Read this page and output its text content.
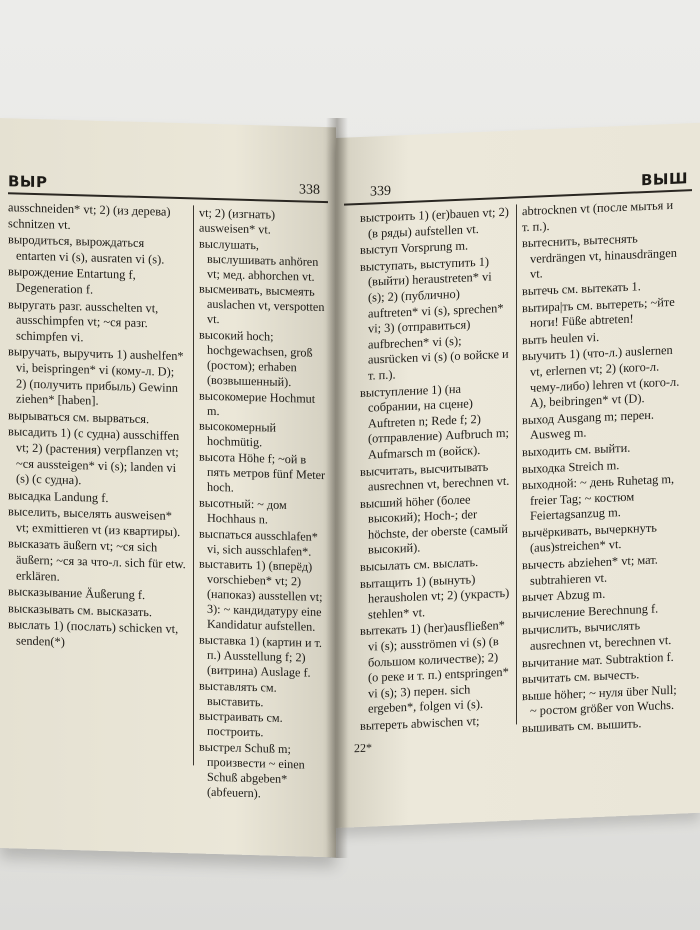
ВЫР	338

ausschneiden* vt; 2) (из дерева) schnitzen vt.

выродиться, вырождаться entarten vi (s), ausraten vi (s).

вырождение Entartung f, Degeneration f.

выругать разг. ausschelten vt, ausschimpfen vt; ~ся разг. schimpfen vi.

выручать, выручить 1) aushelfen* vi, beispringen* vi (кому-л. D); 2) (получить прибыль) Gewinn ziehen* [haben].

вырываться см. вырваться.

высадить 1) (с судна) ausschiffen vt; 2) (растения) verpflanzen vt; ~ся aussteigen* vi (s); landen vi (s) (с судна).

высадка Landung f.

выселить, выселять ausweisen* vt; exmittieren vt (из квартиры).

высказать äußern vt; ~ся sich äußern; ~ся за что-л. sich für etw. erklären.

высказывание Äußerung f.

высказывать см. высказать.

выслать 1) (послать) schicken vt, senden(*)

vt; 2) (изгнать) ausweisen* vt.

выслушать, выслушивать anhören vt; мед. abhorchen vt.

высмеивать, высмеять auslachen vt, verspotten vt.

высокий hoch; hochgewachsen, groß (ростом); erhaben (возвышенный).

высокомерие Hochmut m.

высокомерный hochmütig.

высота Höhe f; ~ой в пять метров fünf Meter hoch.

высотный: ~ дом Hochhaus n.

выспаться ausschlafen* vi, sich ausschlafen*.

выставить 1) (вперёд) vorschieben* vt; 2) (напоказ) ausstellen vt; 3): ~ кандидатуру eine Kandidatur aufstellen.

выставка 1) (картин и т. п.) Ausstellung f; 2) (витрина) Auslage f.

выставлять см. выставить.

выстраивать см. построить.

выстрел Schuß m; произвести ~ einen Schuß abgeben* (abfeuern).

339
ВЫШ

выстроить 1) (er)bauen vt; 2) (в ряды) aufstellen vt.

выступ Vorsprung m.

выступать, выступить 1) (выйти) heraustreten* vi (s); 2) (публично) auftreten* vi (s), sprechen* vi; 3) (отправиться) aufbrechen* vi (s); ausrücken vi (s) (о войске и т. п.).

выступление 1) (на собрании, на сцене) Auftreten n; Rede f; 2) (отправление) Aufbruch m; Aufmarsch m (войск).

высчитать, высчитывать ausrechnen vt, berechnen vt.

высший höher (более высокий); Hoch-; der höchste, der oberste (самый высокий).

высылать см. выслать.

вытащить 1) (вынуть) herausholen vt; 2) (украсть) stehlen* vt.

вытекать 1) (her)ausfließen* vi (s); ausströmen vi (s) (в большом количестве); 2) (о реке и т. п.) entspringen* vi (s); 3) перен. sich ergeben*, folgen vi (s).

вытереть abwischen vt;

abtrocknen vt (после мытья и т. п.).

вытеснить, вытеснять verdrängen vt, hinausdrängen vt.

вытечь см. вытекать 1.

вытира|ть см. вытереть; ~йте ноги! Füße abtreten!

выть heulen vi.

выучить 1) (что-л.) auslernen vt, erlernen vt; 2) (кого-л. чему-либо) lehren vt (кого-л. A), beibringen* vt (D).

выход Ausgang m; перен. Ausweg m.

выходить см. выйти.

выходка Streich m.

выходной: ~ день Ruhetag m, freier Tag; ~ костюм Feiertagsanzug m.

вычёркивать, вычеркнуть (aus)streichen* vt.

вычесть abziehen* vt; мат. subtrahieren vt.

вычет Abzug m.

вычисление Berechnung f.

вычислить, вычислять ausrechnen vt, berechnen vt.

вычитание мат. Subtraktion f.

вычитать см. вычесть.

выше höher; ~ нуля über Null; ~ ростом größer von Wuchs.

вышивать см. вышить.

22*
